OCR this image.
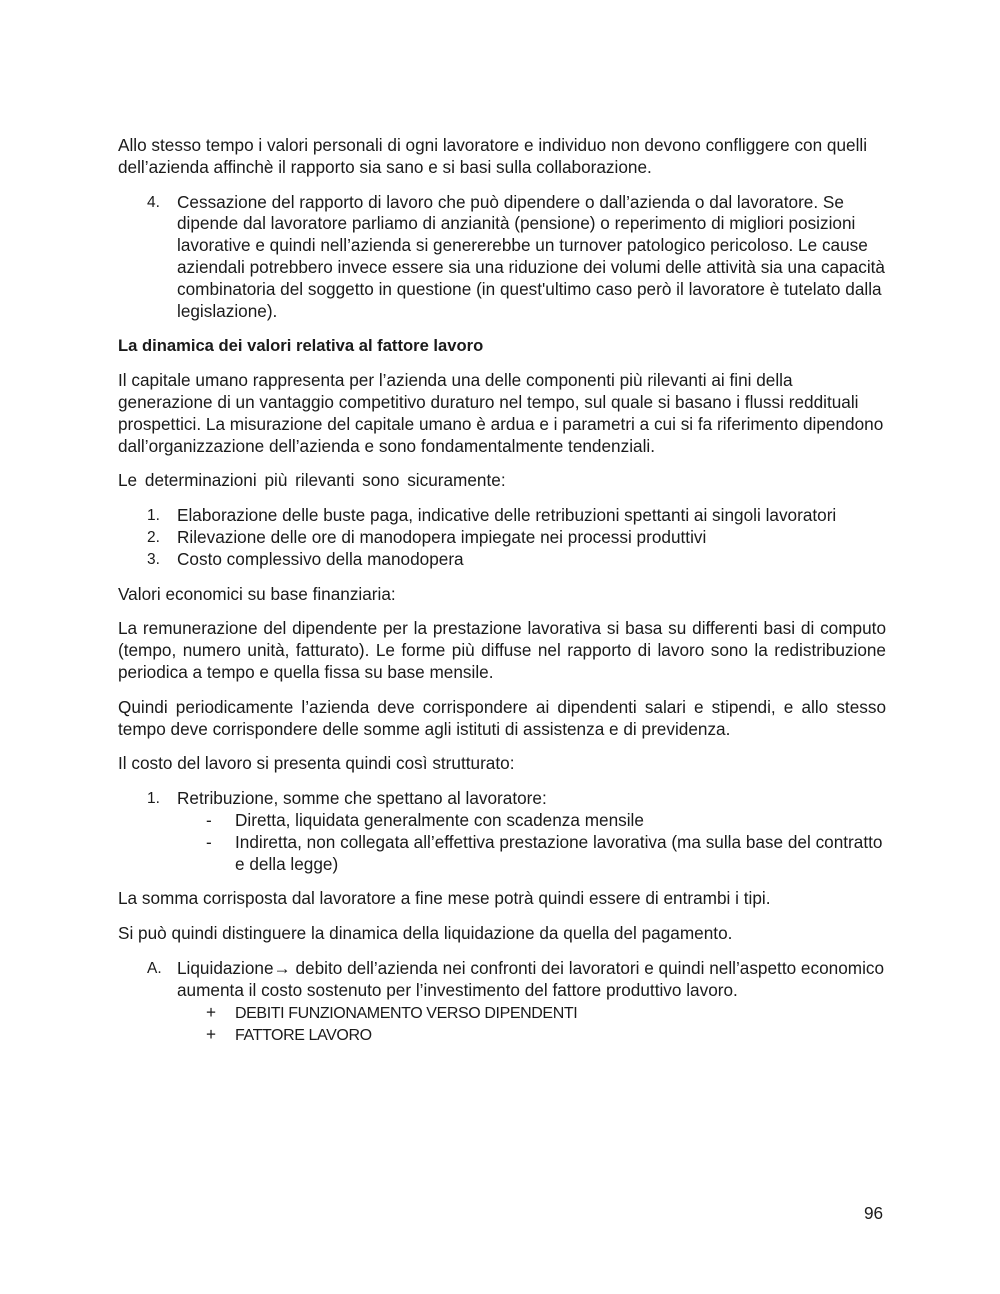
Allo stesso tempo i valori personali di ogni lavoratore e individuo non devono confliggere con quelli dell’azienda affinchè il rapporto sia sano e si basi sulla collaborazione.

4. Cessazione del rapporto di lavoro che può dipendere o dall’azienda o dal lavoratore. Se dipende dal lavoratore parliamo di anzianità (pensione) o reperimento di migliori posizioni lavorative e quindi nell’azienda si genererebbe un turnover patologico pericoloso. Le cause aziendali potrebbero invece essere sia una riduzione dei volumi delle attività sia una capacità combinatoria del soggetto in questione (in quest'ultimo caso però il lavoratore è tutelato dalla legislazione).

La dinamica dei valori relativa al fattore lavoro

Il capitale umano rappresenta per l’azienda una delle componenti più rilevanti ai fini della generazione di un vantaggio competitivo duraturo nel tempo, sul quale si basano i flussi reddituali prospettici. La misurazione del capitale umano è ardua e i parametri a cui si fa riferimento dipendono dall’organizzazione dell’azienda e sono fondamentalmente tendenziali.

Le determinazioni più rilevanti sono sicuramente:

1. Elaborazione delle buste paga, indicative delle retribuzioni spettanti ai singoli lavoratori
2. Rilevazione delle ore di manodopera impiegate nei processi produttivi
3. Costo complessivo della manodopera

Valori economici su base finanziaria:

La remunerazione del dipendente per la prestazione lavorativa si basa su differenti basi di computo (tempo, numero unità, fatturato). Le forme più diffuse nel rapporto di lavoro sono la redistribuzione periodica a tempo e quella fissa su base mensile.

Quindi periodicamente l’azienda deve corrispondere ai dipendenti salari e stipendi, e allo stesso tempo deve corrispondere delle somme agli istituti di assistenza e di previdenza.

Il costo del lavoro si presenta quindi così strutturato:

1. Retribuzione, somme che spettano al lavoratore:
- Diretta, liquidata generalmente con scadenza mensile
- Indiretta, non collegata all’effettiva prestazione lavorativa (ma sulla base del contratto e della legge)

La somma corrisposta dal lavoratore a fine mese potrà quindi essere di entrambi i tipi.

Si può quindi distinguere la dinamica della liquidazione da quella del pagamento.

A. Liquidazione→ debito dell’azienda nei confronti dei lavoratori e quindi nell’aspetto economico aumenta il costo sostenuto per l’investimento del fattore produttivo lavoro.
+ DEBITI FUNZIONAMENTO VERSO DIPENDENTI
+ FATTORE LAVORO
96
